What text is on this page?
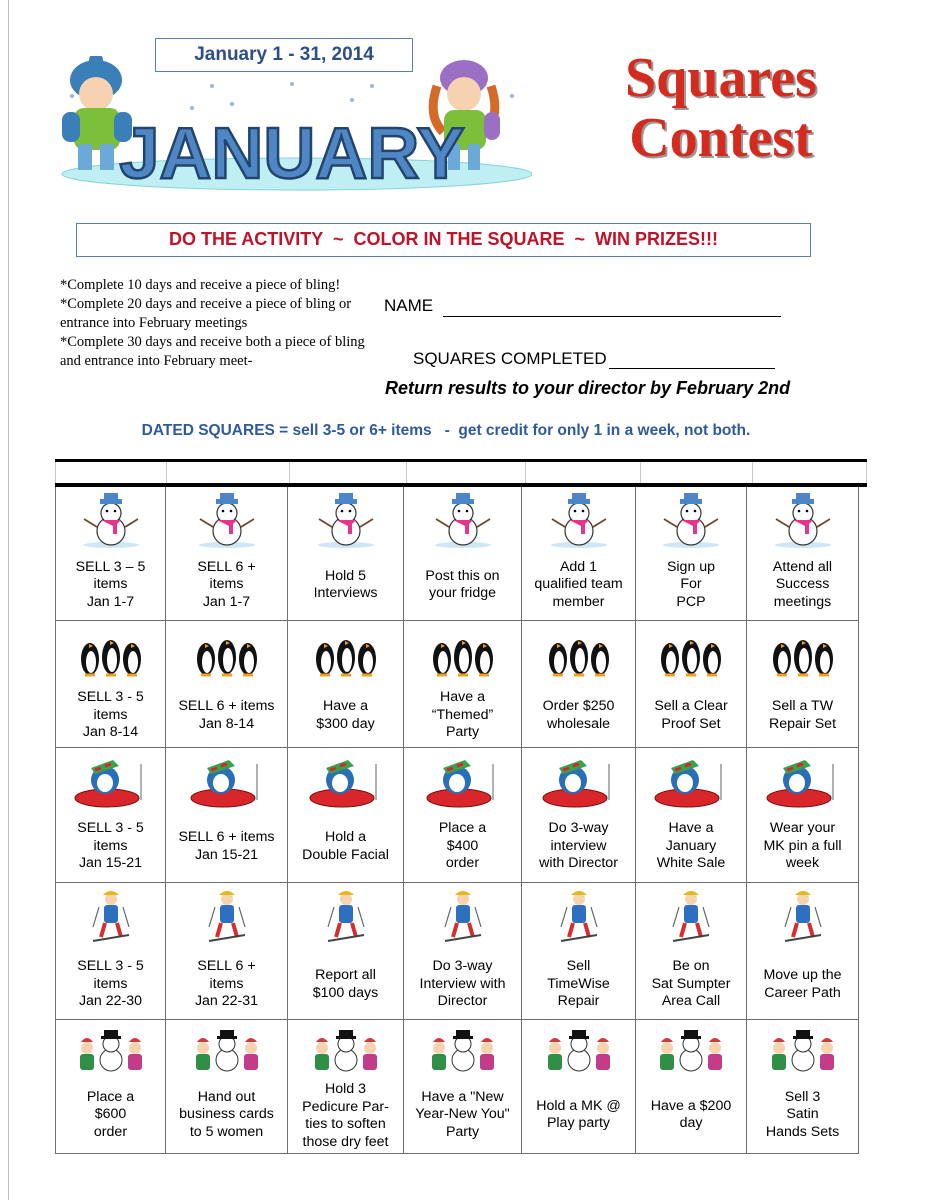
JANUARY
January 1 - 31, 2014	Squares
Contest
DO THE ACTIVITY  ~  COLOR IN THE SQUARE  ~  WIN PRIZES!!!
*Complete 10 days and receive a piece of bling!
*Complete 20 days and receive a piece of bling or entrance into February meetings
*Complete 30 days and receive both a piece of bling and entrance into February meet-
NAME
SQUARES COMPLETED
Return results to your director by February 2nd
DATED SQUARES = sell 3-5 or 6+ items   -  get credit for only 1 in a week, not both.
SELL 3 – 5
items
Jan 1-7
SELL 6 +
items
Jan 1-7
Hold 5
Interviews
Post this on
your fridge
Add 1
qualified team
member
Sign up
For
PCP
Attend all
Success
meetings
SELL 3 - 5
items
Jan 8-14
SELL 6 + items
Jan 8-14
Have a
$300 day
Have a
“Themed”
Party
Order $250
wholesale
Sell a Clear
Proof Set
Sell a TW
Repair Set
SELL 3 - 5
items
Jan 15-21
SELL 6 + items
Jan 15-21
Hold a
Double Facial
Place a
$400
order
Do 3-way
interview
with Director
Have a
January
White Sale
Wear your
MK pin a full
week
SELL 3 - 5
items
Jan 22-30
SELL 6 +
items
Jan 22-31
Report all
$100 days
Do 3-way
Interview with
Director
Sell
TimeWise
Repair
Be on
Sat Sumpter
Area Call
Move up the
Career Path
Place a
$600
order
Hand out
business cards
to 5 women
Hold 3
Pedicure Par-
ties to soften
those dry feet
Have a "New
Year-New You"
Party
Hold a MK @
Play party
Have a $200
day
Sell 3
Satin
Hands Sets
